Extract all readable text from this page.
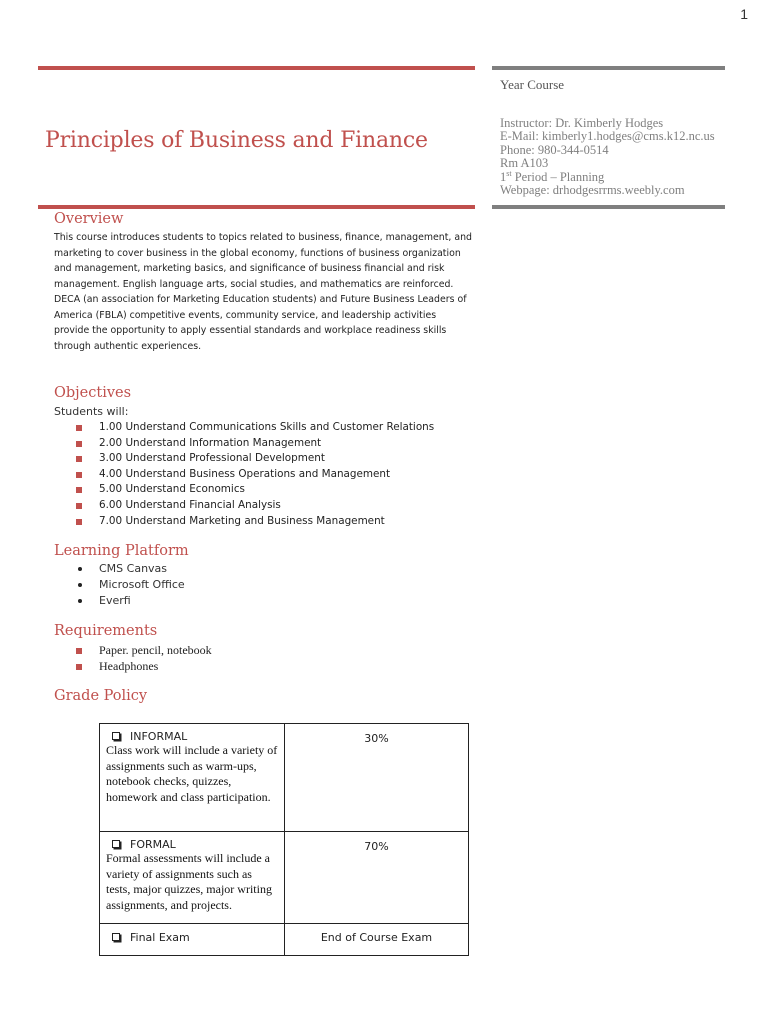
1
Principles of Business and Finance
Year Course
Instructor: Dr. Kimberly Hodges
E-Mail: kimberly1.hodges@cms.k12.nc.us
Phone: 980-344-0514
Rm A103
1st Period – Planning
Webpage: drhodgesrrms.weebly.com
Overview
This course introduces students to topics related to business, finance, management, and marketing to cover business in the global economy, functions of business organization and management, marketing basics, and significance of business financial and risk management. English language arts, social studies, and mathematics are reinforced. DECA (an association for Marketing Education students) and Future Business Leaders of America (FBLA) competitive events, community service, and leadership activities provide the opportunity to apply essential standards and workplace readiness skills through authentic experiences.
Objectives
Students will:
1.00 Understand Communications Skills and Customer Relations
2.00 Understand Information Management
3.00 Understand Professional Development
4.00 Understand Business Operations and Management
5.00 Understand Economics
6.00 Understand Financial Analysis
7.00 Understand Marketing and Business Management
Learning Platform
CMS Canvas
Microsoft Office
Everfi
Requirements
Paper. pencil, notebook
Headphones
Grade Policy
INFORMAL
Class work will include a variety of assignments such as warm-ups, notebook checks, quizzes, homework and class participation.	30%

FORMAL
Formal assessments will include a variety of assignments such as tests, major quizzes, major writing assignments, and projects.	70%

Final Exam	End of Course Exam
